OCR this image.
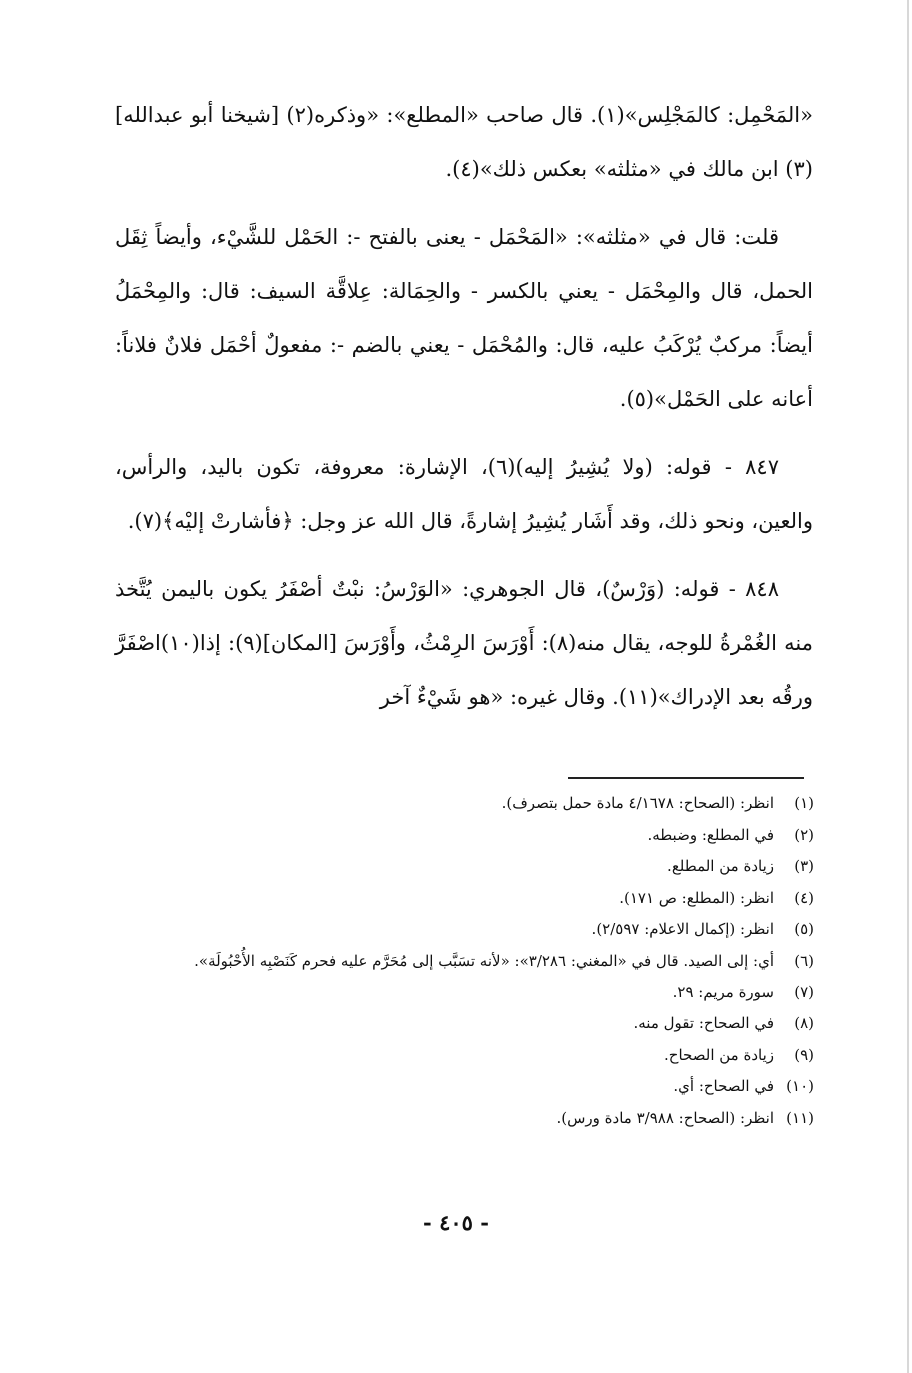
«المَحْمِل: كالمَجْلِس»(١). قال صاحب «المطلع»: «وذكره(٢) [شيخنا أبو عبدالله](٣) ابن مالك في «مثلثه» بعكس ذلك»(٤).

قلت: قال في «مثلثه»: «المَحْمَل - يعنى بالفتح -: الحَمْل للشَّيْء، وأيضاً ثِقَل الحمل، قال والمِحْمَل - يعني بالكسر - والحِمَالة: عِلاقَّة السيف: قال: والمِحْمَلُ أيضاً: مركبٌ يُرْكَبُ عليه، قال: والمُحْمَل - يعني بالضم -: مفعولٌ أحْمَل فلانٌ فلاناً: أعانه على الحَمْل»(٥).

٨٤٧ - قوله: (ولا يُشِيرُ إليه)(٦)، الإشارة: معروفة، تكون باليد، والرأس، والعين، ونحو ذلك، وقد أَشَار يُشِيرُ إشارةً، قال الله عز وجل: ﴿فأشارتْ إليْه﴾(٧).

٨٤٨ - قوله: (وَرْسٌ)، قال الجوهري: «الوَرْسُ: نبْتٌ أصْفَرُ يكون باليمن يُتَّخذ منه الغُمْرةُ للوجه، يقال منه(٨): أَوْرَسَ الرِمْثُ، وأَوْرَسَ [المكان](٩): إذا(١٠)اصْفَرَّ ورقُه بعد الإدراك»(١١). وقال غيره: «هو شَيْءٌ آخر

(١)انظر: (الصحاح: ٤/١٦٧٨ مادة حمل بتصرف).
(٢)في المطلع: وضبطه.
(٣)زيادة من المطلع.
(٤)انظر: (المطلع: ص ١٧١).
(٥)انظر: (إكمال الاعلام: ٢/٥٩٧).
(٦)أي: إلى الصيد. قال في «المغني: ٣/٢٨٦»: «لأنه تسَبَّب إلى مُحَرَّم عليه فحرم كَنَصْبِه الأُحْبُولَة».
(٧)سورة مريم: ٢٩.
(٨)في الصحاح: تقول منه.
(٩)زيادة من الصحاح.
(١٠)في الصحاح: أي.
(١١)انظر: (الصحاح: ٣/٩٨٨ مادة ورس).
- ٤٠٥ -
